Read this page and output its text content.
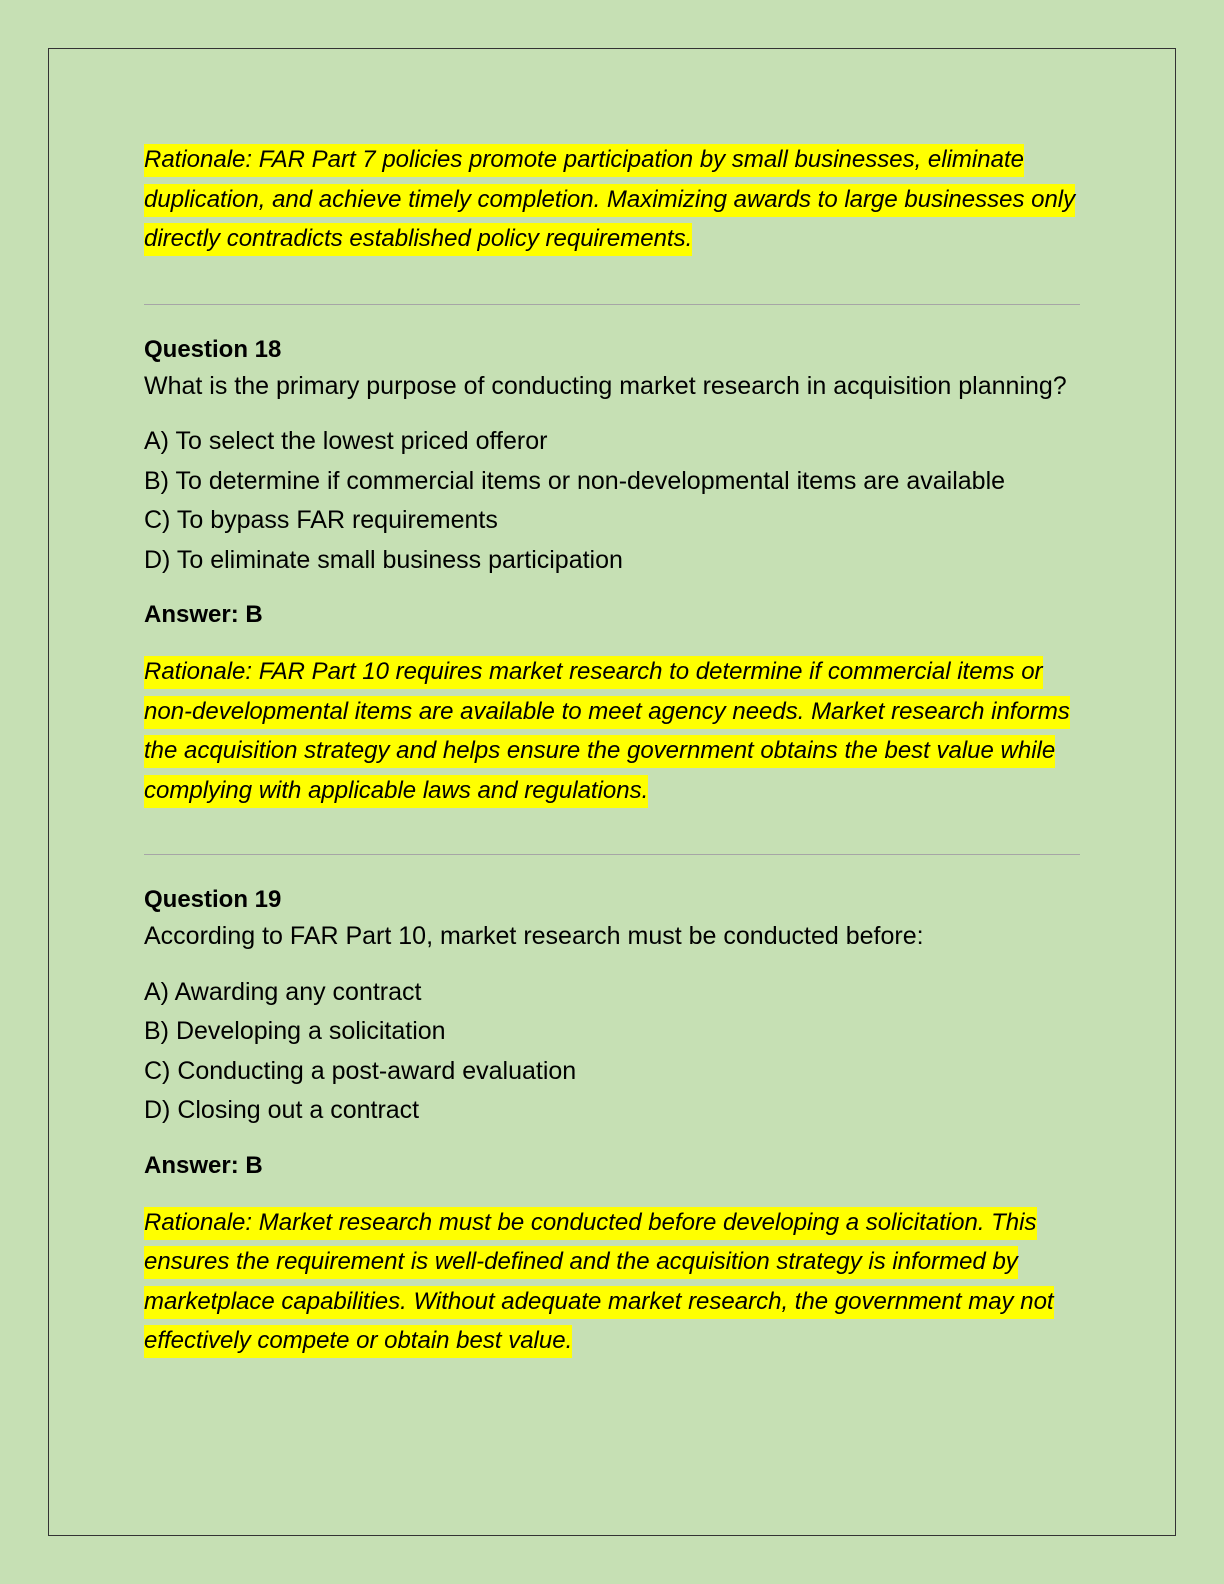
Rationale: FAR Part 7 policies promote participation by small businesses, eliminate duplication, and achieve timely completion. Maximizing awards to large businesses only directly contradicts established policy requirements.

Question 18

What is the primary purpose of conducting market research in acquisition planning?

A) To select the lowest priced offeror
B) To determine if commercial items or non-developmental items are available
C) To bypass FAR requirements
D) To eliminate small business participation

Answer: B

Rationale: FAR Part 10 requires market research to determine if commercial items or non-developmental items are available to meet agency needs. Market research informs the acquisition strategy and helps ensure the government obtains the best value while complying with applicable laws and regulations.

Question 19

According to FAR Part 10, market research must be conducted before:

A) Awarding any contract
B) Developing a solicitation
C) Conducting a post-award evaluation
D) Closing out a contract

Answer: B

Rationale: Market research must be conducted before developing a solicitation. This ensures the requirement is well-defined and the acquisition strategy is informed by marketplace capabilities. Without adequate market research, the government may not effectively compete or obtain best value.
